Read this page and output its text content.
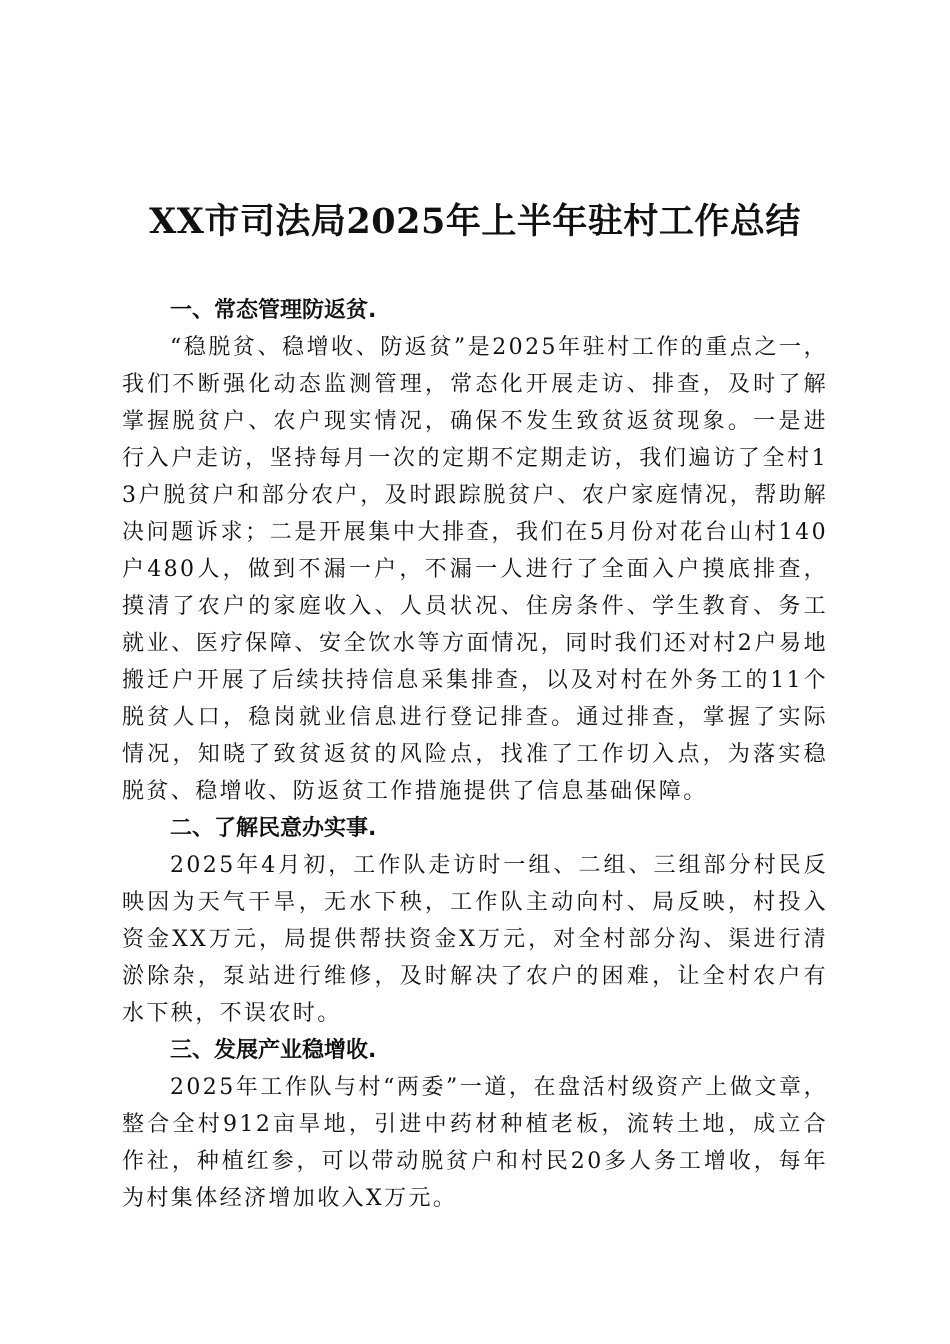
XX市司法局2025年上半年驻村工作总结

一、常态管理防返贫.

“稳脱贫、稳增收、防返贫”是2025年驻村工作的重点之一，我们不断强化动态监测管理，常态化开展走访、排查，及时了解掌握脱贫户、农户现实情况，确保不发生致贫返贫现象。一是进行入户走访，坚持每月一次的定期不定期走访，我们遍访了全村13户脱贫户和部分农户，及时跟踪脱贫户、农户家庭情况，帮助解决问题诉求；二是开展集中大排查，我们在5月份对花台山村140户480人，做到不漏一户，不漏一人进行了全面入户摸底排查，摸清了农户的家庭收入、人员状况、住房条件、学生教育、务工就业、医疗保障、安全饮水等方面情况，同时我们还对村2户易地搬迁户开展了后续扶持信息采集排查，以及对村在外务工的11个脱贫人口，稳岗就业信息进行登记排查。通过排查，掌握了实际情况，知晓了致贫返贫的风险点，找准了工作切入点，为落实稳脱贫、稳增收、防返贫工作措施提供了信息基础保障。

二、了解民意办实事.

2025年4月初，工作队走访时一组、二组、三组部分村民反映因为天气干旱，无水下秧，工作队主动向村、局反映，村投入资金XX万元，局提供帮扶资金X万元，对全村部分沟、渠进行清淤除杂，泵站进行维修，及时解决了农户的困难，让全村农户有水下秧，不误农时。

三、发展产业稳增收.

2025年工作队与村“两委”一道，在盘活村级资产上做文章，整合全村912亩旱地，引进中药材种植老板，流转土地，成立合作社，种植红参，可以带动脱贫户和村民20多人务工增收，每年为村集体经济增加收入X万元。
